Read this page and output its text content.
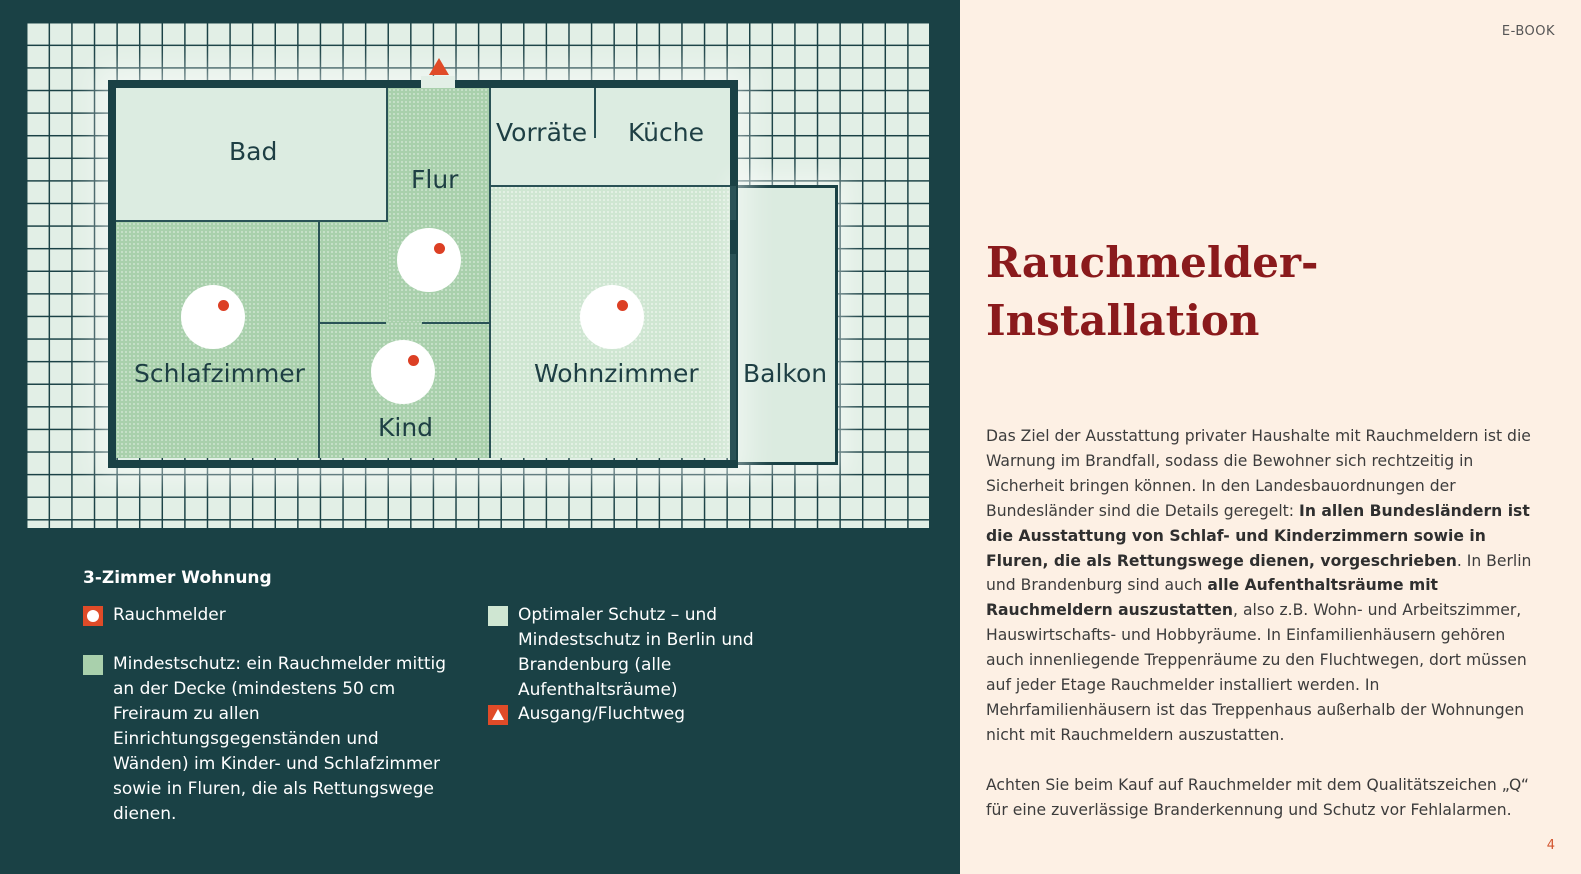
Bad
Flur
Vorräte Küche
Schlafzimmer
Kind
Wohnzimmer Balkon
3-Zimmer Wohnung
Rauchmelder
Mindestschutz: ein Rauchmelder mittig an der Decke (mindestens 50 cm Freiraum zu allen Einrichtungsgegenständen und Wänden) im Kinder- und Schlafzimmer sowie in Fluren, die als Rettungswege dienen.
Optimaler Schutz – und Mindestschutz in Berlin und Brandenburg (alle Aufenthaltsräume)
Ausgang/Fluchtweg
E-BOOK
Rauchmelder-Installation

Das Ziel der Ausstattung privater Haushalte mit Rauchmeldern ist die Warnung im Brandfall, sodass die Bewohner sich rechtzeitig in Sicherheit bringen können. In den Landesbauordnungen der Bundesländer sind die Details geregelt: In allen Bundesländern ist die Ausstattung von Schlaf- und Kinderzimmern sowie in Fluren, die als Rettungswege dienen, vorgeschrieben. In Berlin und Brandenburg sind auch alle Aufenthaltsräume mit Rauchmeldern auszustatten, also z.B. Wohn- und Arbeitszimmer, Hauswirtschafts- und Hobbyräume. In Einfamilienhäusern gehören auch innenliegende Treppenräume zu den Fluchtwegen, dort müssen auf jeder Etage Rauchmelder installiert werden. In Mehrfamilienhäusern ist das Treppenhaus außerhalb der Wohnungen nicht mit Rauchmeldern auszustatten.

Achten Sie beim Kauf auf Rauchmelder mit dem Qualitätszeichen „Q“ für eine zuverlässige Branderkennung und Schutz vor Fehlalarmen.

4
